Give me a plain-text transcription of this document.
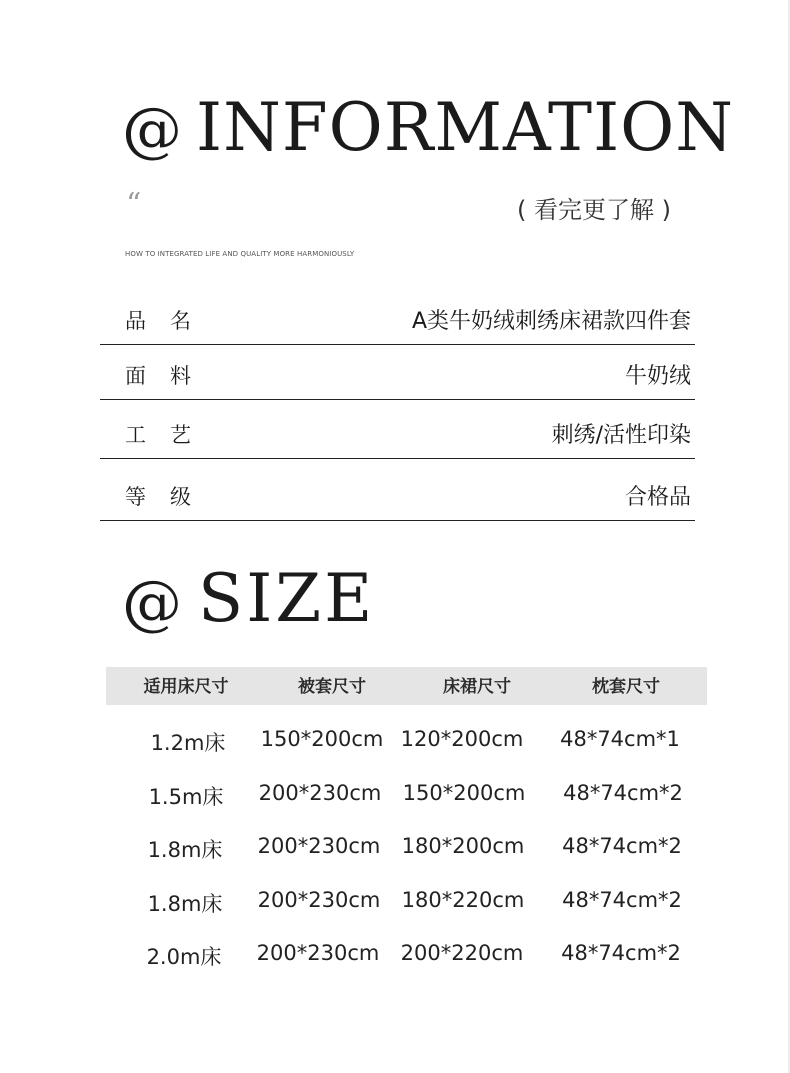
@ INFORMATION
“	( 看完更了解 )
HOW TO INTEGRATED LIFE AND QUALITY MORE HARMONIOUSLY
品名	A类牛奶绒刺绣床裙款四件套
面料	牛奶绒
工艺	刺绣/活性印染
等级	合格品
@ SIZE
适用床尺寸	被套尺寸	床裙尺寸	枕套尺寸
1.2m床 150*200cm 120*200cm 48*74cm*1
1.5m床 200*230cm 150*200cm 48*74cm*2
1.8m床 200*230cm 180*200cm 48*74cm*2
1.8m床 200*230cm 180*220cm 48*74cm*2
2.0m床 200*230cm 200*220cm 48*74cm*2
